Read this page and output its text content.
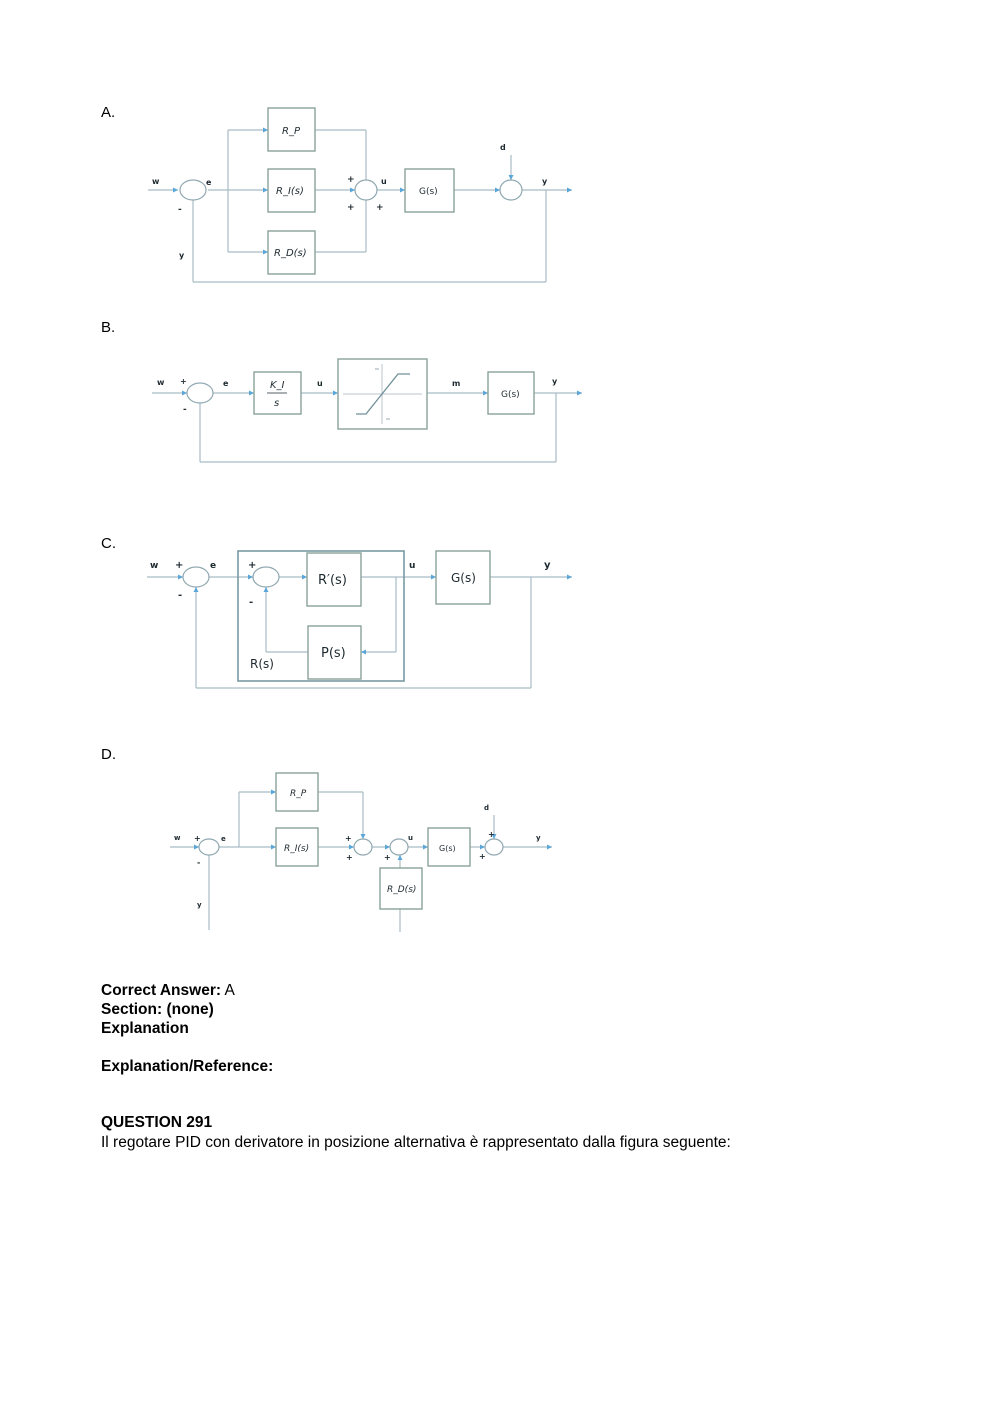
A.
B.
C.
D.
R_P
R_I(s)
R_D(s)
G(s)
w	e	u
d
y
y
-
+
+ +
K_I
s
G(s)
w +
-
e	u	m	y
R′(s)
P(s)
G(s)
R(s)
w +
-
e	+
-
u	y
R_P
R_I(s)
R_D(s)
G(s)
w +
-
e
y
+
+	+
u
d
+
+
y
Correct Answer: A
Section: (none)
Explanation
Explanation/Reference:
QUESTION 291
Il regotare PID con derivatore in posizione alternativa è rappresentato dalla figura seguente:
